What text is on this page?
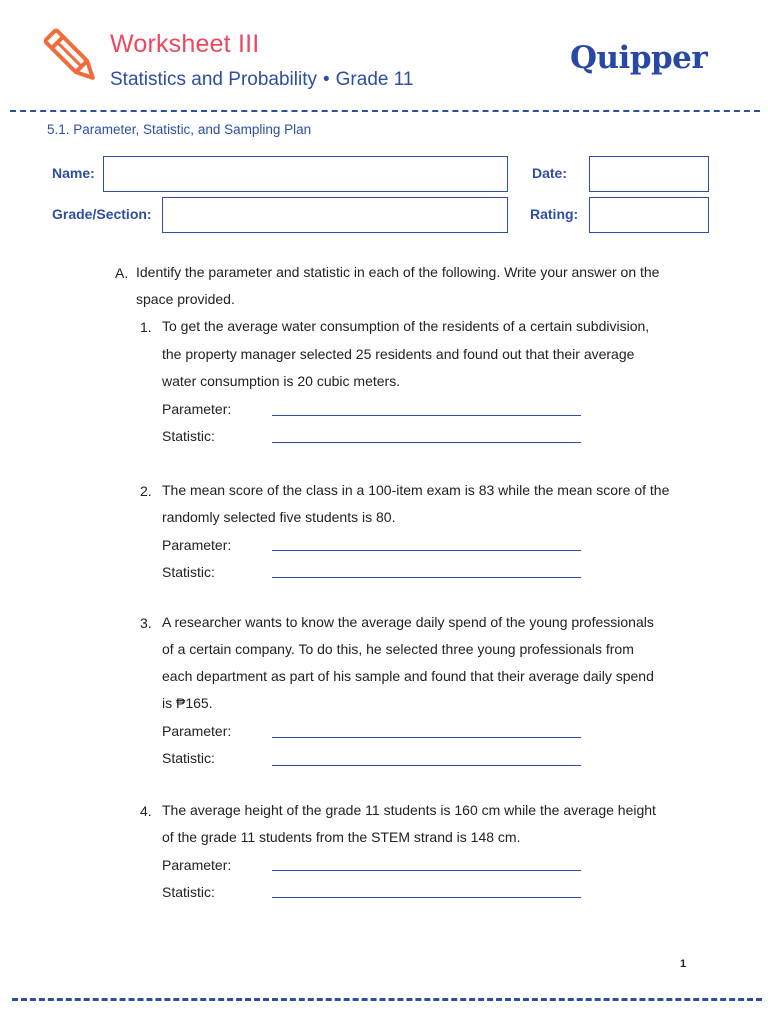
Worksheet III
Statistics and Probability • Grade 11
Quipper
5.1. Parameter, Statistic, and Sampling Plan
Name:	Date:
Grade/Section:	Rating:
A. Identify the parameter and statistic in each of the following. Write your answer on the
space provided.
1. To get the average water consumption of the residents of a certain subdivision,
the property manager selected 25 residents and found out that their average
water consumption is 20 cubic meters.
Parameter:
Statistic:
2. The mean score of the class in a 100-item exam is 83 while the mean score of the
randomly selected five students is 80.
Parameter:
Statistic:
3. A researcher wants to know the average daily spend of the young professionals
of a certain company. To do this, he selected three young professionals from
each department as part of his sample and found that their average daily spend
is ₱165.
Parameter:
Statistic:
4. The average height of the grade 11 students is 160 cm while the average height
of the grade 11 students from the STEM strand is 148 cm.
Parameter:
Statistic:
1
